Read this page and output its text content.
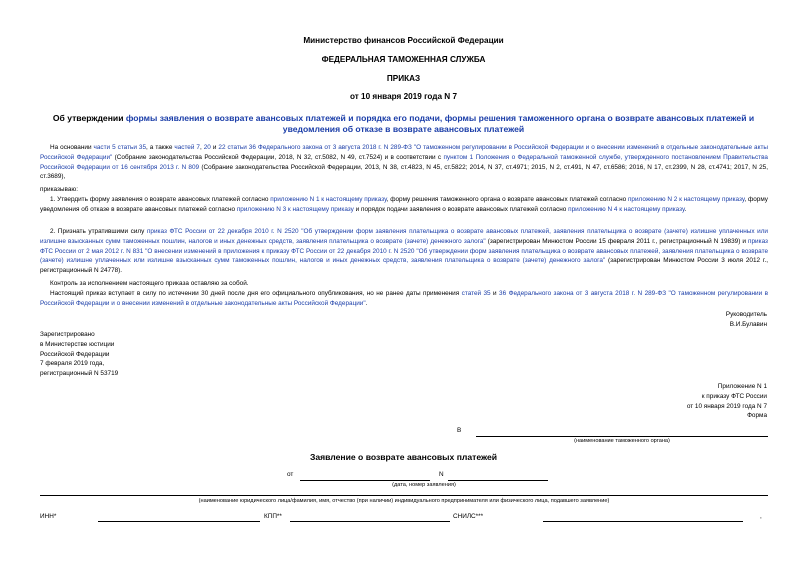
Министерство финансов Российской Федерации
ФЕДЕРАЛЬНАЯ ТАМОЖЕННАЯ СЛУЖБА
ПРИКАЗ
от 10 января 2019 года N 7
Об утверждении формы заявления о возврате авансовых платежей и порядка его подачи, формы решения таможенного органа о возврате авансовых платежей и уведомления об отказе в возврате авансовых платежей
На основании части 5 статьи 35, а также частей 7, 20 и 22 статьи 36 Федерального закона от 3 августа 2018 г. N 289-ФЗ "О таможенном регулировании в Российской Федерации и о внесении изменений в отдельные законодательные акты Российской Федерации" (Собрание законодательства Российской Федерации, 2018, N 32, ст.5082, N 49, ст.7524) и в соответствии с пунктом 1 Положения о Федеральной таможенной службе, утвержденного постановлением Правительства Российской Федерации от 16 сентября 2013 г. N 809 (Собрание законодательства Российской Федерации, 2013, N 38, ст.4823, N 45, ст.5822; 2014, N 37, ст.4971; 2015, N 2, ст.491, N 47, ст.6586; 2016, N 17, ст.2399, N 28, ст.4741; 2017, N 25, ст.3689),
приказываю:
1. Утвердить форму заявления о возврате авансовых платежей согласно приложению N 1 к настоящему приказу, форму решения таможенного органа о возврате авансовых платежей согласно приложению N 2 к настоящему приказу, форму уведомления об отказе в возврате авансовых платежей согласно приложению N 3 к настоящему приказу и порядок подачи заявления о возврате авансовых платежей согласно приложению N 4 к настоящему приказу.
2. Признать утратившими силу приказ ФТС России от 22 декабря 2010 г. N 2520 "Об утверждении форм заявления плательщика о возврате авансовых платежей, заявления плательщика о возврате (зачете) излишне уплаченных или излишне взысканных сумм таможенных пошлин, налогов и иных денежных средств, заявления плательщика о возврате (зачете) денежного залога" (зарегистрирован Минюстом России 15 февраля 2011 г., регистрационный N 19839) и приказ ФТС России от 2 мая 2012 г. N 831 "О внесении изменений в приложения к приказу ФТС России от 22 декабря 2010 г. N 2520 "Об утверждении форм заявления плательщика о возврате авансовых платежей, заявления плательщика о возврате (зачете) излишне уплаченных или излишне взысканных сумм таможенных пошлин, налогов и иных денежных средств, заявления плательщика о возврате (зачете) денежного залога" (зарегистрирован Минюстом России 3 июля 2012 г., регистрационный N 24778).
Контроль за исполнением настоящего приказа оставляю за собой.
Настоящий приказ вступает в силу по истечении 30 дней после дня его официального опубликования, но не ранее даты применения статей 35 и 36 Федерального закона от 3 августа 2018 г. N 289-ФЗ "О таможенном регулировании в Российской Федерации и о внесении изменений в отдельные законодательные акты Российской Федерации".
Руководитель
В.И.Булавин
Зарегистрировано
в Министерстве юстиции
Российской Федерации
7 февраля 2019 года,
регистрационный N 53719
Приложение N 1
к приказу ФТС России
от 10 января 2019 года N 7
Форма
В
(наименование таможенного органа)
Заявление о возврате авансовых платежей
от	N
(дата, номер заявления)
(наименование юридического лица/фамилия, имя, отчество (при наличии) индивидуального предпринимателя или физического лица, подавшего заявление)
ИНН*	КПП**	СНИЛС***	,
